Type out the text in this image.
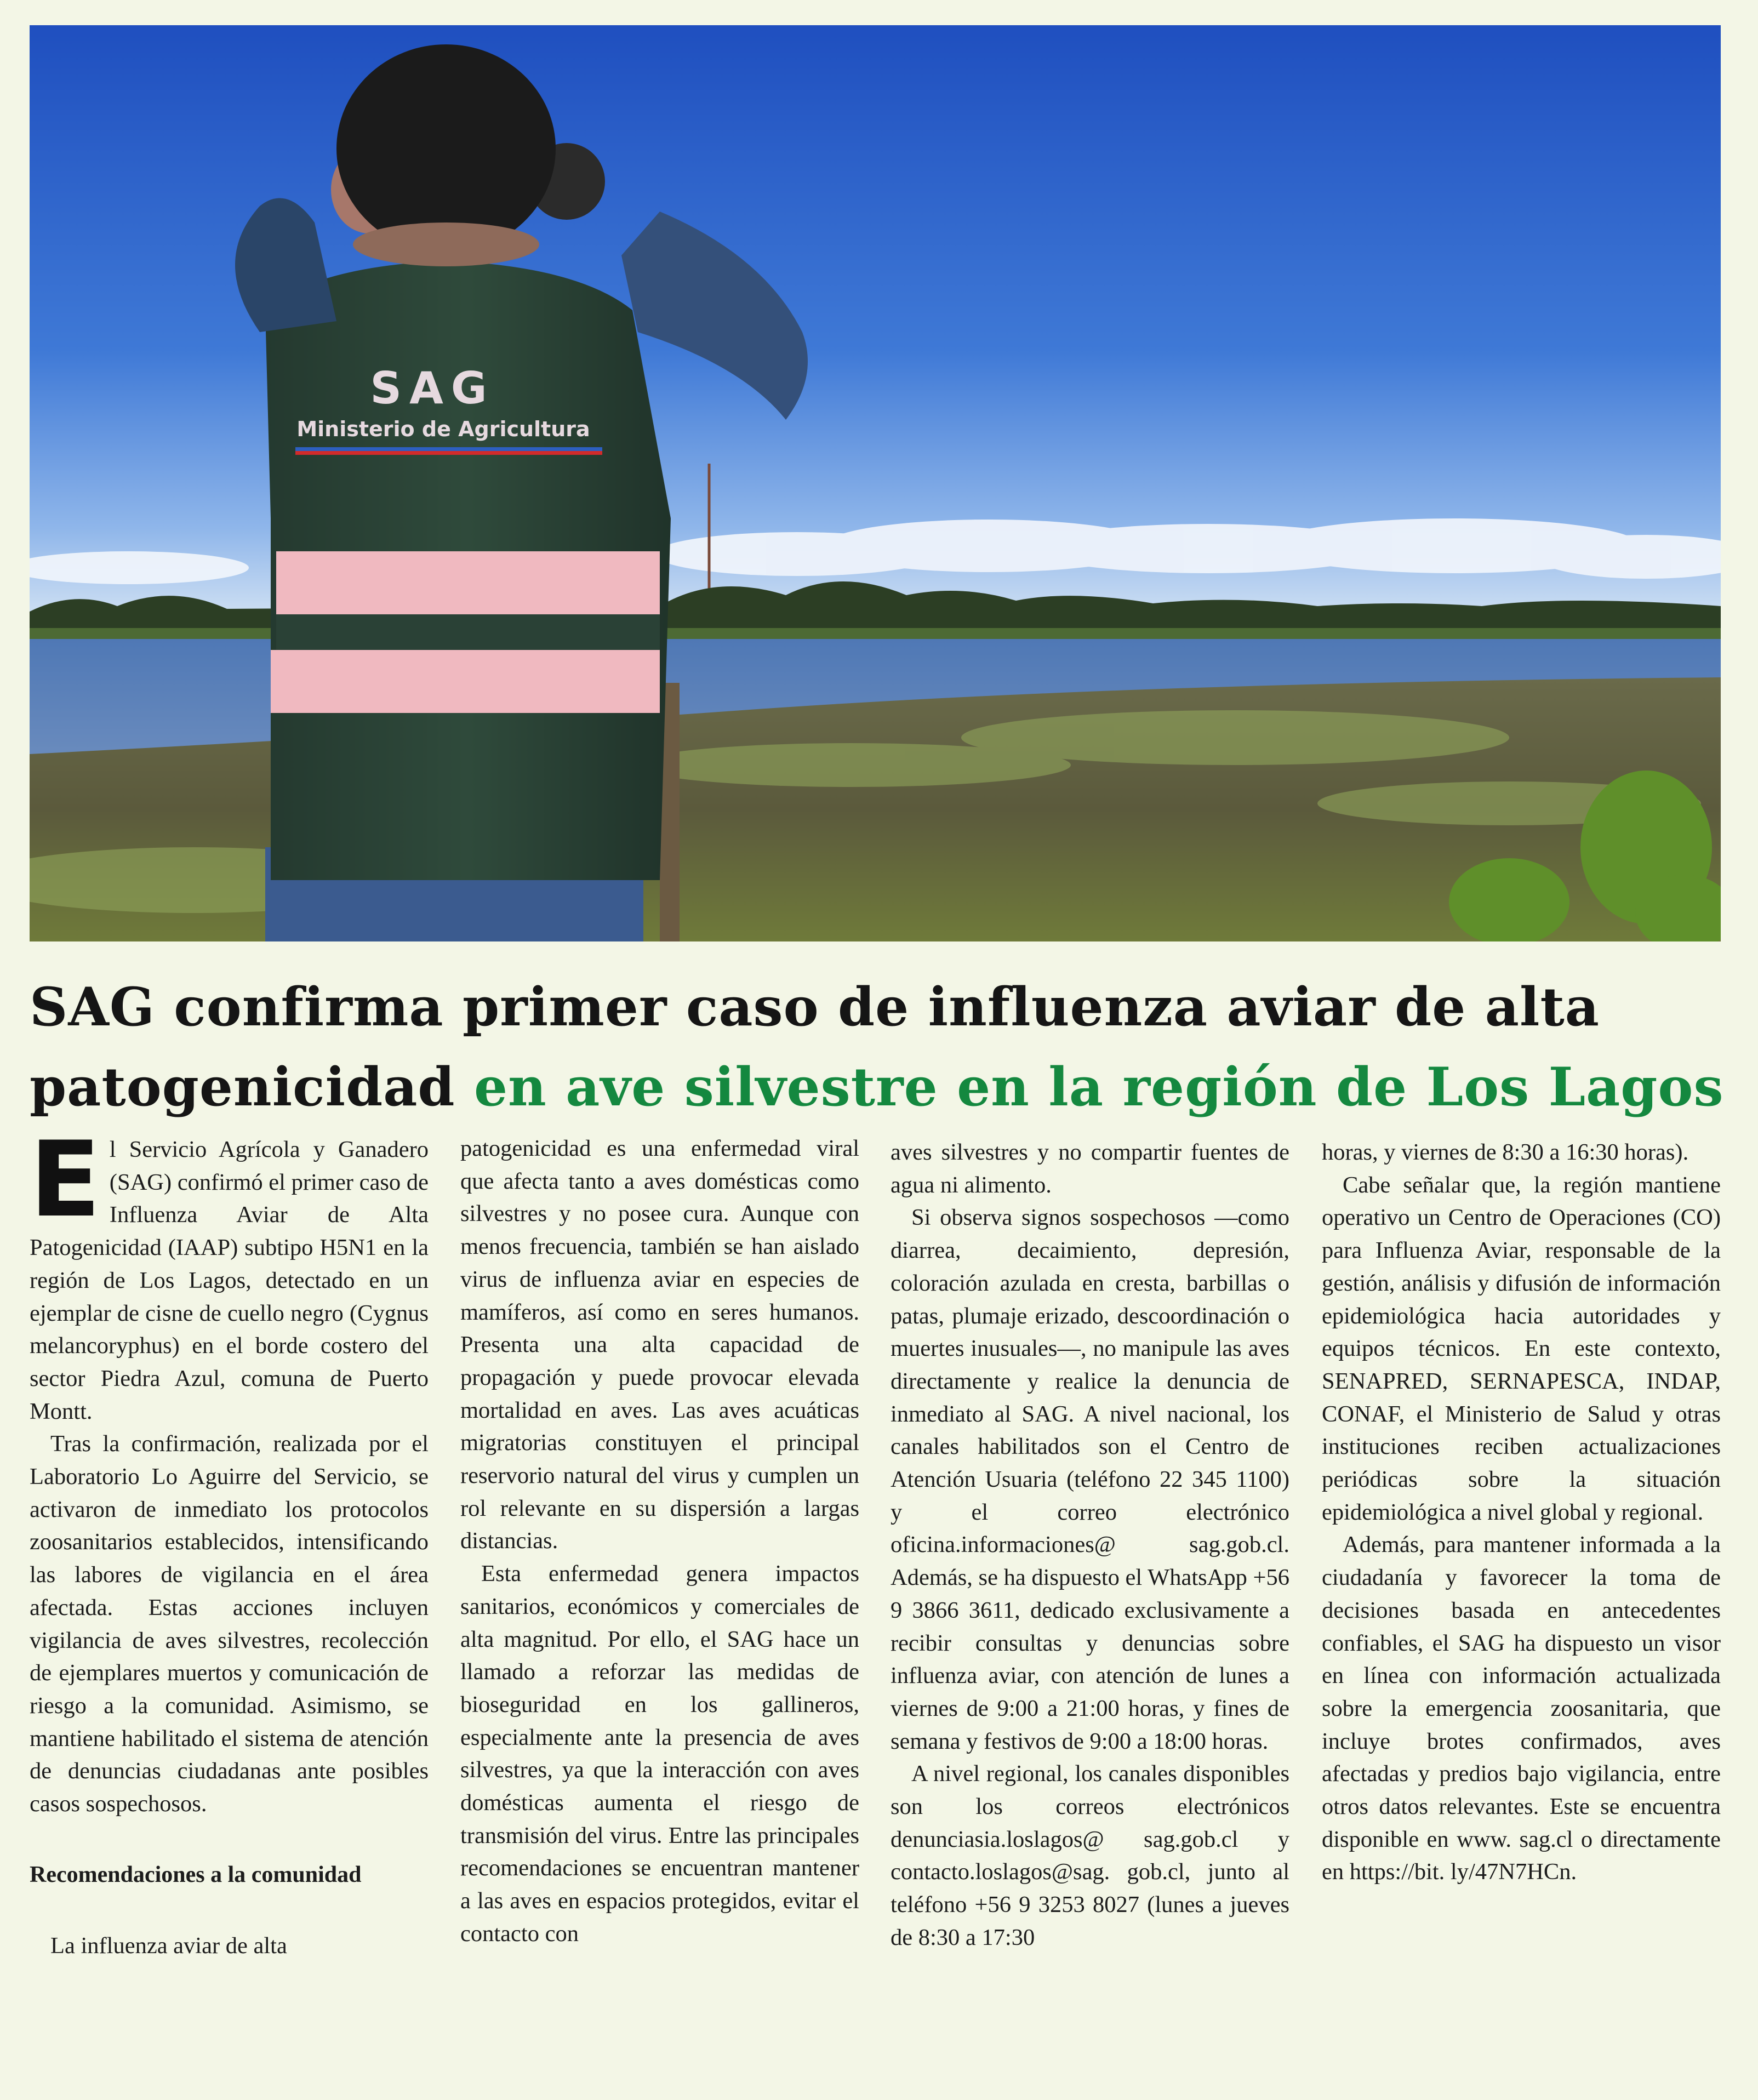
SAG
Ministerio de Agricultura
SAG confirma primer caso de influenza aviar de alta patogenicidad en ave silvestre en la región de Los Lagos

El Servicio Agrícola y Ganadero (SAG) confirmó el primer caso de Influenza Aviar de Alta Patogenicidad (IAAP) subtipo H5N1 en la región de Los Lagos, detectado en un ejemplar de cisne de cuello negro (Cygnus melancoryphus) en el borde costero del sector Piedra Azul, comuna de Puerto Montt.

Tras la confirmación, realizada por el Laboratorio Lo Aguirre del Servicio, se activaron de inmediato los protocolos zoosanitarios establecidos, intensificando las labores de vigilancia en el área afectada. Estas acciones incluyen vigilancia de aves silvestres, recolección de ejemplares muertos y comunicación de riesgo a la comunidad. Asimismo, se mantiene habilitado el sistema de atención de denuncias ciudadanas ante posibles casos sospechosos.

Recomendaciones a la comunidad

La influenza aviar de alta

patogenicidad es una enfermedad viral que afecta tanto a aves domésticas como silvestres y no posee cura. Aunque con menos frecuencia, también se han aislado virus de influenza aviar en especies de mamíferos, así como en seres humanos. Presenta una alta capacidad de propagación y puede provocar elevada mortalidad en aves. Las aves acuáticas migratorias constituyen el principal reservorio natural del virus y cumplen un rol relevante en su dispersión a largas distancias.

Esta enfermedad genera impactos sanitarios, económicos y comerciales de alta magnitud. Por ello, el SAG hace un llamado a reforzar las medidas de bioseguridad en los gallineros, especialmente ante la presencia de aves silvestres, ya que la interacción con aves domésticas aumenta el riesgo de transmisión del virus. Entre las principales recomendaciones se encuentran mantener a las aves en espacios protegidos, evitar el contacto con

aves silvestres y no compartir fuentes de agua ni alimento.

Si observa signos sospechosos —como diarrea, decaimiento, depresión, coloración azulada en cresta, barbillas o patas, plumaje erizado, descoordinación o muertes inusuales—, no manipule las aves directamente y realice la denuncia de inmediato al SAG. A nivel nacional, los canales habilitados son el Centro de Atención Usuaria (teléfono 22 345 1100) y el correo electrónico oficina.informaciones@ sag.gob.cl. Además, se ha dispuesto el WhatsApp +56 9 3866 3611, dedicado exclusivamente a recibir consultas y denuncias sobre influenza aviar, con atención de lunes a viernes de 9:00 a 21:00 horas, y fines de semana y festivos de 9:00 a 18:00 horas.

A nivel regional, los canales disponibles son los correos electrónicos denunciasia.loslagos@ sag.gob.cl y contacto.loslagos@sag. gob.cl, junto al teléfono +56 9 3253 8027 (lunes a jueves de 8:30 a 17:30

horas, y viernes de 8:30 a 16:30 horas).

Cabe señalar que, la región mantiene operativo un Centro de Operaciones (CO) para Influenza Aviar, responsable de la gestión, análisis y difusión de información epidemiológica hacia autoridades y equipos técnicos. En este contexto, SENAPRED, SERNAPESCA, INDAP, CONAF, el Ministerio de Salud y otras instituciones reciben actualizaciones periódicas sobre la situación epidemiológica a nivel global y regional.

Además, para mantener informada a la ciudadanía y favorecer la toma de decisiones basada en antecedentes confiables, el SAG ha dispuesto un visor en línea con información actualizada sobre la emergencia zoosanitaria, que incluye brotes confirmados, aves afectadas y predios bajo vigilancia, entre otros datos relevantes. Este se encuentra disponible en www. sag.cl o directamente en https://bit. ly/47N7HCn.
